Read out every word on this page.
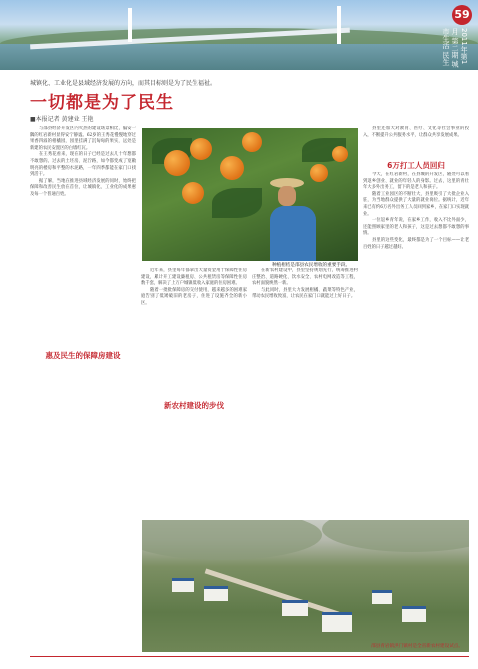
59
2011年第1月 第二期 城市生活 民生
城镇化、工业化是县域经济发展的方向，而其目标则是为了民生福祉。
一切都是为了民生
■本报记者 黄建业 王艳

与邵县经济开发区内火热的建设场景相比，偏安一隅的红岩新村显得安宁静谧。62岁的王秀花慢慢地穿过果香四溢的柑橘园，园里挂满了沉甸甸的果实，远处是新建的农民安置区的白墙红瓦。

在王秀花看来，现在的日子已经是过去几十年想都不敢想的。过去的土坯房、泥泞路，如今都变成了宽敞明亮的楼房和平整的水泥路，一年四季都能在家门口找到活干。

据了解，当地在推进县域经济发展的同时，始终把保障和改善民生放在首位，让城镇化、工业化的成果惠及每一个普通百姓。

惠及民生的保障房建设
种植柑桔是邵县农民增收的重要手段。

近年来，县里每年都拿出大量资金用于保障性住房建设，累计开工建设廉租房、公共租赁房等保障性住房数千套，解决了上万户城镇低收入家庭的住房困难。

随着一批批保障房的交付使用，越来越多的困难家庭告别了低矮破旧的老房子，住进了设施齐全的新小区。

新农村建设的步伐

在新农村建设中，县里坚持规划先行，统筹推进村庄整治、道路硬化、饮水安全、农村电网改造等工程，农村面貌焕然一新。

与此同时，县里大力发展柑橘、蔬菜等特色产业，带动农民增收致富，让农民在家门口就能过上好日子。

县里还加大对教育、医疗、文化等社会事业的投入，不断提升公共服务水平，让群众共享发展成果。

6万打工人员回归

今天，在红岩新村，在县城的开发区，随处可以看到返乡创业、就业的年轻人的身影。过去，这里的青壮年大多外出务工，留下的是老人和孩子。

随着工业园区的不断壮大，县里吸引了大批企业入驻，为当地群众提供了大量的就业岗位。据统计，近年来已有约6万名外出务工人员回到家乡，在家门口实现就业。

一位返乡青年说，在家乡工作，收入不比外面少，还能照顾家里的老人和孩子，这是过去想都不敢想的事情。

县里的这些变化，最终都是为了一个目标——让老百姓的日子越过越好。

邵县青岩镇洪门镇村是全省新农村建设试点。
